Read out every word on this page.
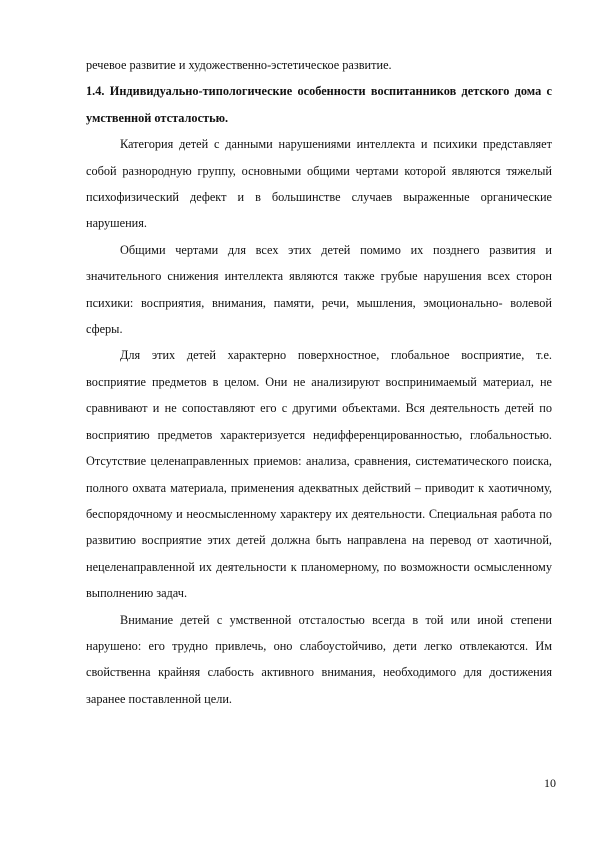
речевое развитие и художественно-эстетическое развитие.

1.4. Индивидуально-типологические особенности воспитанников детского дома с умственной отсталостью.

Категория детей с данными нарушениями интеллекта и психики представляет собой разнородную группу, основными общими чертами которой являются тяжелый психофизический дефект и в большинстве случаев выраженные органические нарушения.

Общими чертами для всех этих детей помимо их позднего развития и значительного снижения интеллекта являются также грубые нарушения всех сторон психики: восприятия, внимания, памяти, речи, мышления, эмоционально- волевой сферы.

Для этих детей характерно поверхностное, глобальное восприятие, т.е. восприятие предметов в целом. Они не анализируют воспринимаемый материал, не сравнивают и не сопоставляют его с другими объектами. Вся деятельность детей по восприятию предметов характеризуется недифференцированностью, глобальностью. Отсутствие целенаправленных приемов: анализа, сравнения, систематического поиска, полного охвата материала, применения адекватных действий – приводит к хаотичному, беспорядочному и неосмысленному характеру их деятельности. Специальная работа по развитию восприятие этих детей должна быть направлена на перевод от хаотичной, нецеленаправленной их деятельности к планомерному, по возможности осмысленному выполнению задач.

Внимание детей с умственной отсталостью всегда в той или иной степени нарушено: его трудно привлечь, оно слабоустойчиво, дети легко отвлекаются. Им свойственна крайняя слабость активного внимания, необходимого для достижения заранее поставленной цели.

10
